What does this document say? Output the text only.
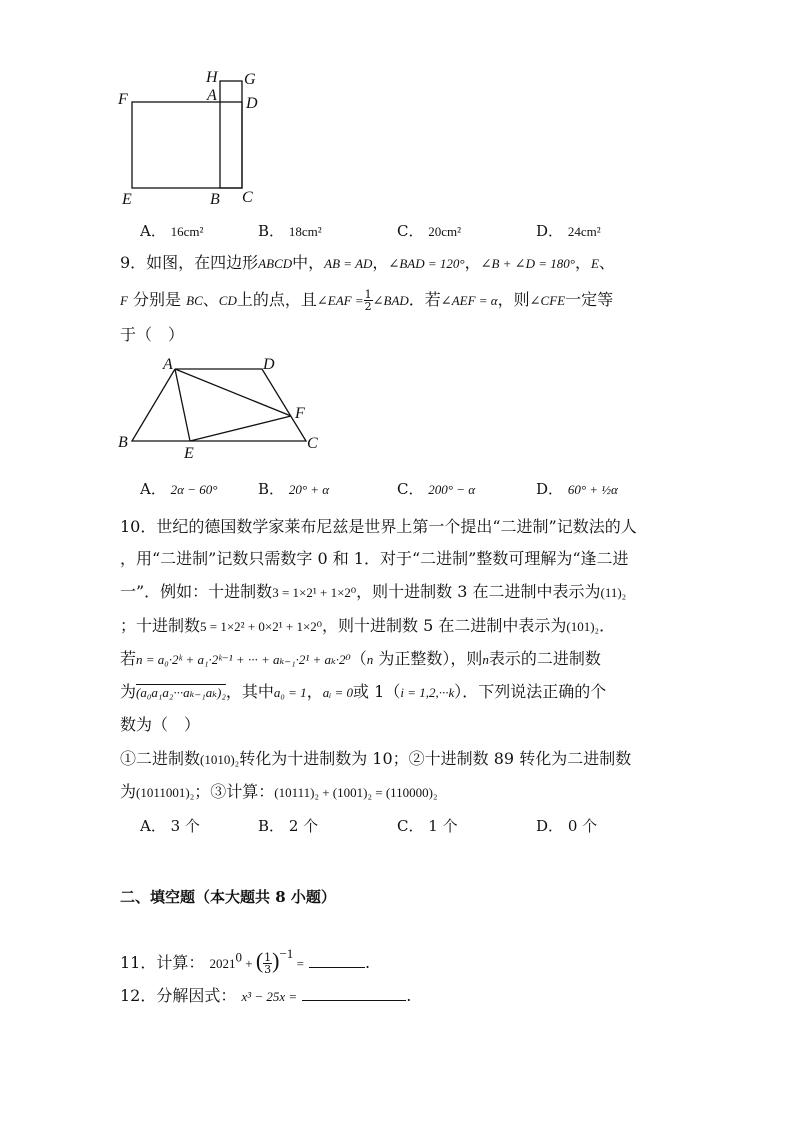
H G
A D
F
E	B C
A． 16cm²	B． 18cm²	C． 20cm²	D． 24cm²
9．如图，在四边形ABCD中，AB = AD，∠BAD = 120°，∠B + ∠D = 180°，E、
F 分别是 BC、CD上的点，且∠EAF = $\frac{1}{2}$ ∠BAD．若∠AEF = α，则∠CFE一定等
于（　）
A	D
F
B
E
C
A． 2α − 60°	B． 20° + α	C． 200° − α	D． 60° + ½α
10．世纪的德国数学家莱布尼兹是世界上第一个提出“二进制”记数法的人
，用“二进制”记数只需数字 0 和 1．对于“二进制”整数可理解为“逢二进
一”．例如：十进制数3 = 1×2¹ + 1×2⁰，则十进制数 3 在二进制中表示为(11)₂
；十进制数5 = 1×2² + 0×2¹ + 1×2⁰，则十进制数 5 在二进制中表示为(101)₂．
若n = a₀·2ᵏ + a₁·2ᵏ⁻¹ + ··· + aₖ₋₁·2¹ + aₖ·2⁰（n 为正整数），则n表示的二进制数
为(a₀a₁a₂···aₖ₋₁aₖ)₂，其中a₀ = 1，aᵢ = 0或 1（i = 1,2,···k）．下列说法正确的个
数为（　）
①二进制数(1010)₂转化为十进制数为 10；②十进制数 89 转化为二进制数
为(1011001)₂；③计算：(10111)₂ + (1001)₂ = (110000)₂
A． 3 个	B． 2 个	C． 1 个	D． 0 个
二、填空题（本大题共 8 小题）
11．计算： $2021^0$ + ( $\frac{1}{3} )^{-1}$ =	.
12．分解因式： x³ − 25x =	.
